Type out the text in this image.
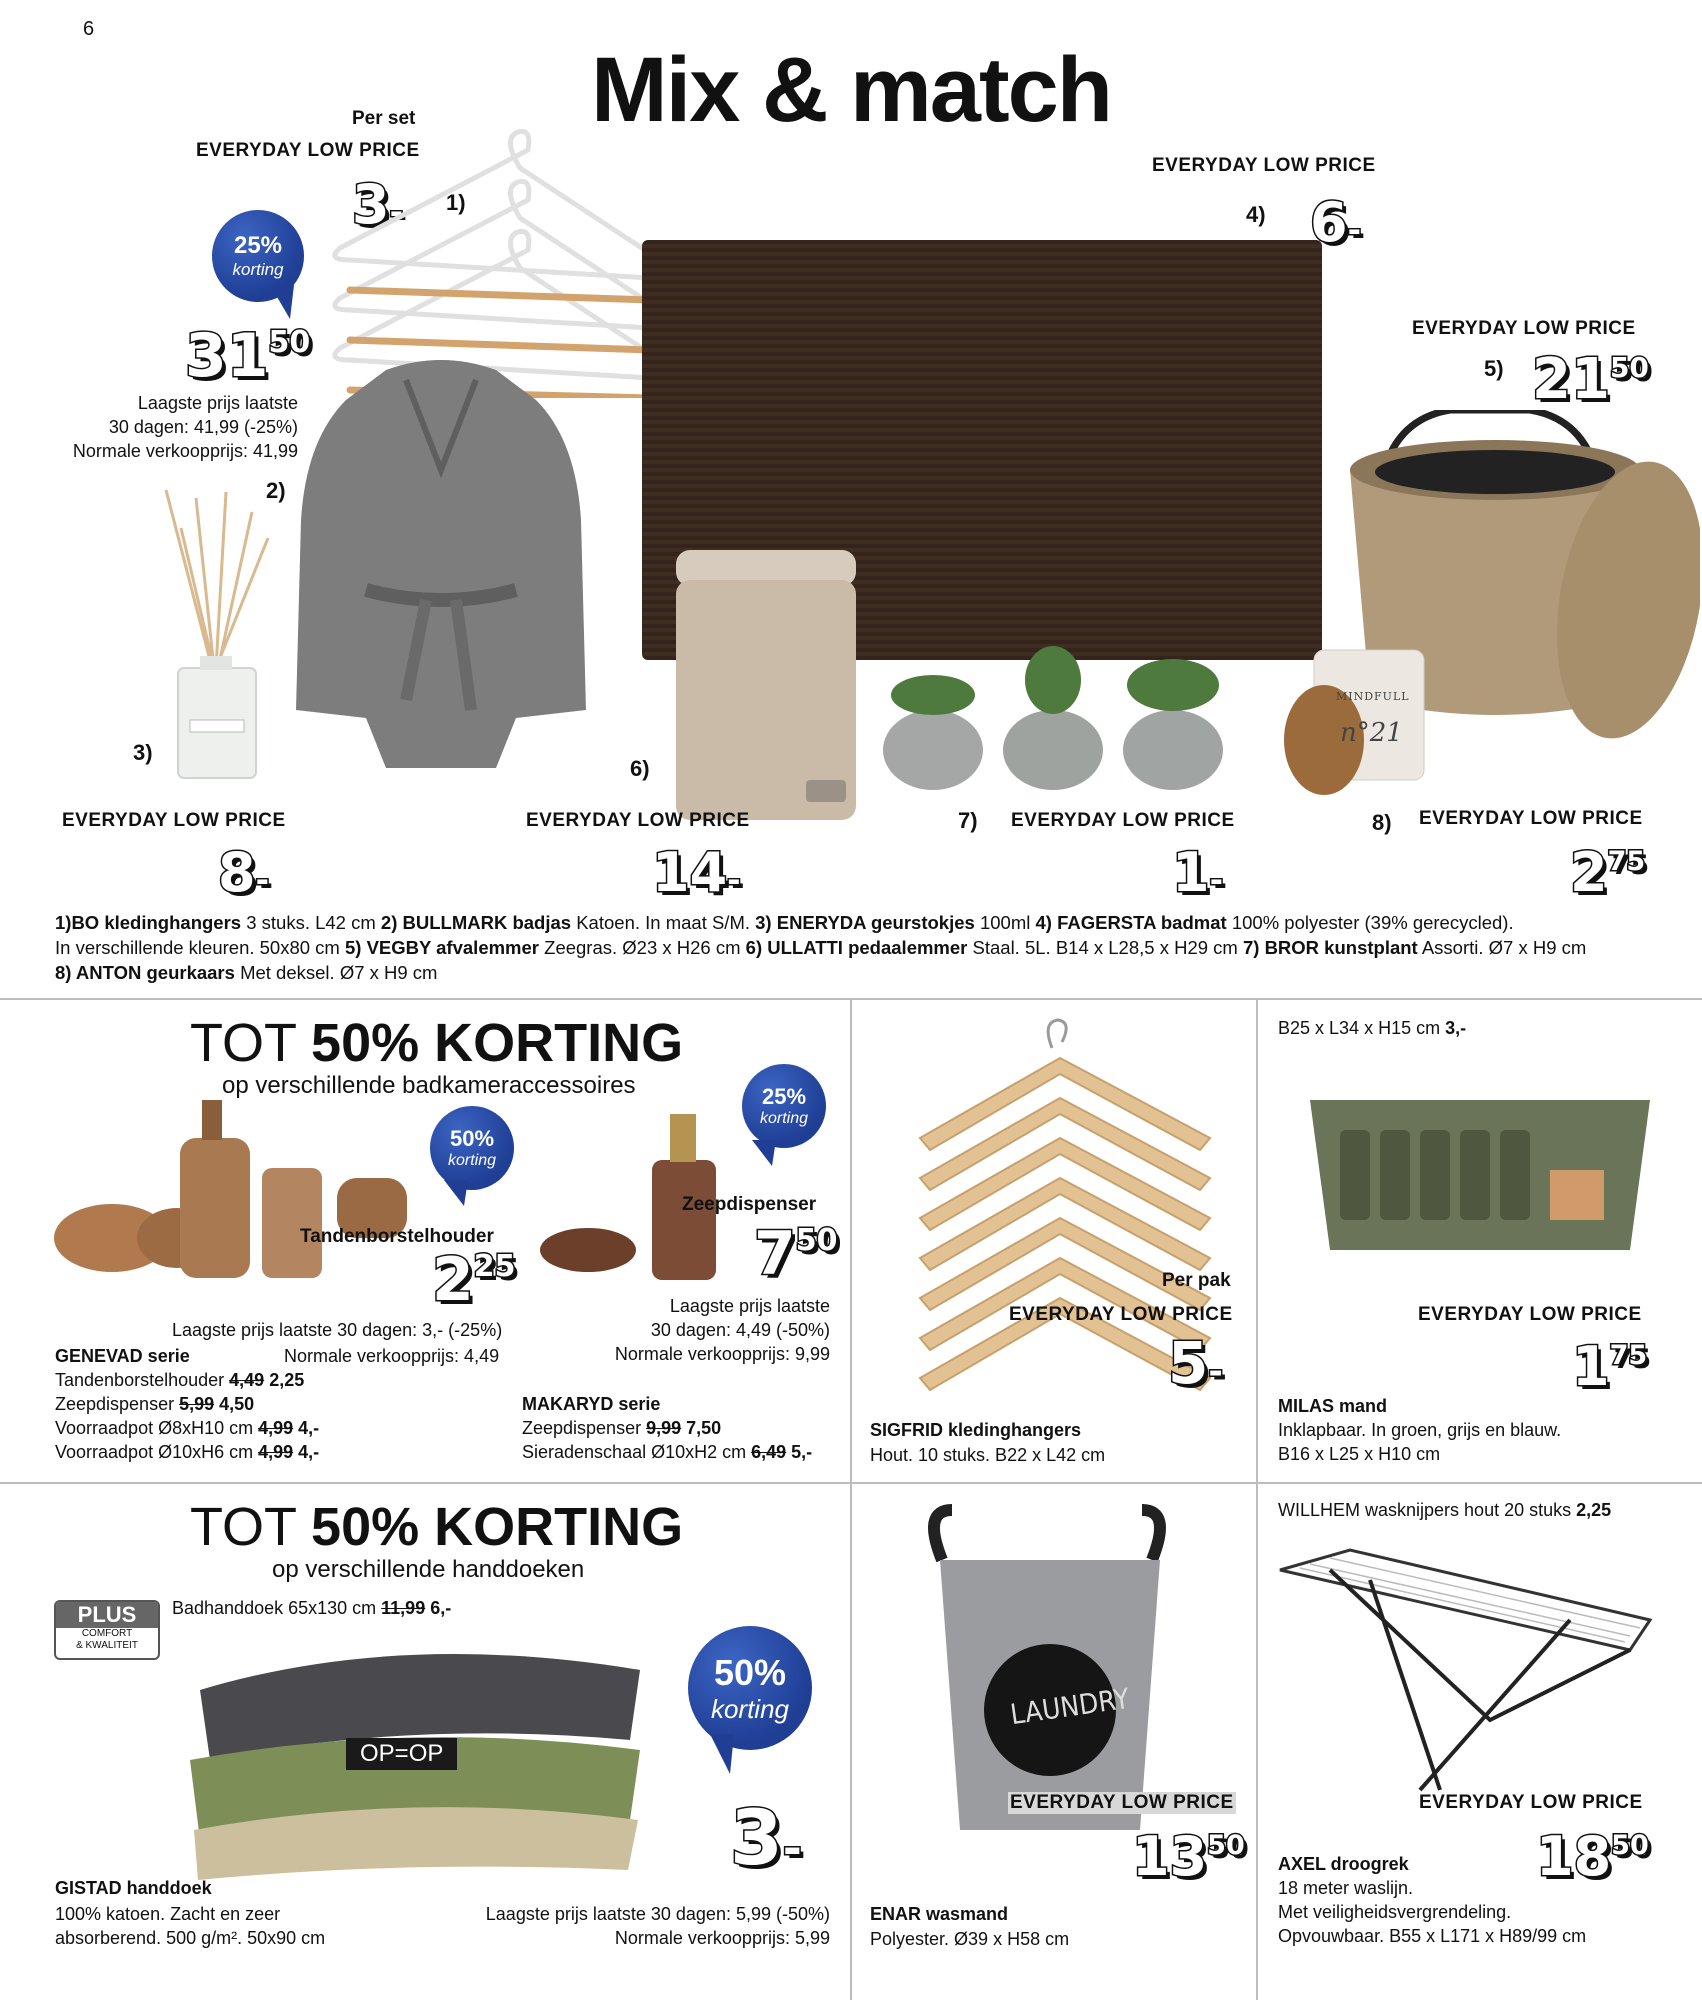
6
Mix & match
Per set
EVERYDAY LOW PRICE
3- 1)
25%
korting
$31^{50}$
Laagste prijs laatste
30 dagen: 41,99 (-25%)
Normale verkoopprijs: 41,99
2)
3)
EVERYDAY LOW PRICE
4) 6-
6)
7)
EVERYDAY LOW PRICE
5) $21^{50}$
MINDFULL
n°21
8)
EVERYDAY LOW PRICE
8-
EVERYDAY LOW PRICE
14-
EVERYDAY LOW PRICE
1-
EVERYDAY LOW PRICE
$2^{75}$
1)BO kledinghangers 3 stuks. L42 cm 2) BULLMARK badjas Katoen. In maat S/M. 3) ENERYDA geurstokjes 100ml 4) FAGERSTA badmat 100% polyester (39% gerecycled).
In verschillende kleuren. 50x80 cm 5) VEGBY afvalemmer Zeegras. Ø23 x H26 cm 6) ULLATTI pedaalemmer Staal. 5L. B14 x L28,5 x H29 cm 7) BROR kunstplant Assorti. Ø7 x H9 cm
8) ANTON geurkaars Met deksel. Ø7 x H9 cm
TOT 50% KORTING
op verschillende badkameraccessoires
50%
korting
25%
korting
Tandenborstelhouder
$2^{25}$
Zeepdispenser
$7^{50}$
Laagste prijs laatste 30 dagen: 3,- (-25%)
GENEVAD serie	Normale verkoopprijs: 4,49
Tandenborstelhouder 4,49 2,25
Zeepdispenser 5,99 4,50
Voorraadpot Ø8xH10 cm 4,99 4,-
Voorraadpot Ø10xH6 cm 4,99 4,-
Laagste prijs laatste
30 dagen: 4,49 (-50%)
Normale verkoopprijs: 9,99
MAKARYD serie
Zeepdispenser 9,99 7,50
Sieradenschaal Ø10xH2 cm 6,49 5,-
Per pak
EVERYDAY LOW PRICE
5-
SIGFRID kledinghangers
Hout. 10 stuks. B22 x L42 cm
B25 x L34 x H15 cm 3,-
EVERYDAY LOW PRICE
$1^{75}$
MILAS mand
Inklapbaar. In groen, grijs en blauw.
B16 x L25 x H10 cm
TOT 50% KORTING
op verschillende handdoeken
PLUS
COMFORT
& KWALITEIT
Badhanddoek 65x130 cm 11,99 6,-
OP=OP
50%
korting
3-
GISTAD handdoek
100% katoen. Zacht en zeer
absorberend. 500 g/m². 50x90 cm
Laagste prijs laatste 30 dagen: 5,99 (-50%)
Normale verkoopprijs: 5,99
LAUNDRY
EVERYDAY LOW PRICE
$13^{50}$
ENAR wasmand
Polyester. Ø39 x H58 cm
WILLHEM wasknijpers hout 20 stuks 2,25
EVERYDAY LOW PRICE
$18^{50}$
AXEL droogrek
18 meter waslijn.
Met veiligheidsvergrendeling.
Opvouwbaar. B55 x L171 x H89/99 cm
